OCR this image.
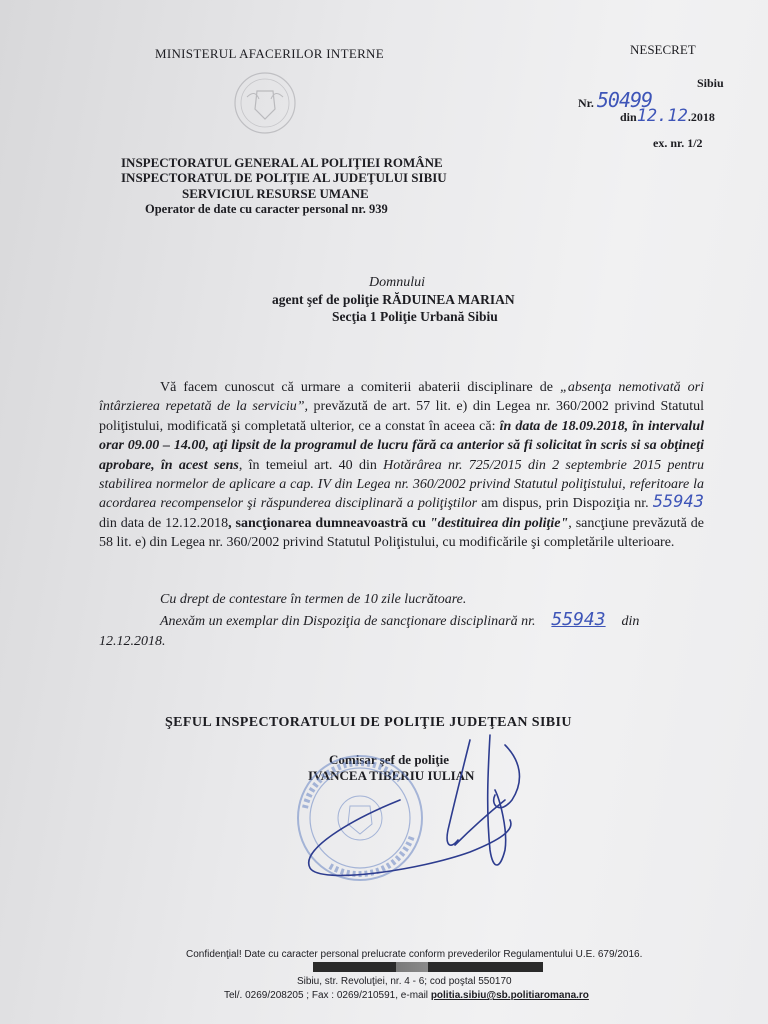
MINISTERUL AFACERILOR INTERNE	NESECRET
Sibiu
Nr. 50499
din12.12.2018
ex. nr. 1/2
INSPECTORATUL GENERAL AL POLIŢIEI ROMÂNE
INSPECTORATUL DE POLIŢIE AL JUDEŢULUI SIBIU
SERVICIUL RESURSE UMANE
Operator de date cu caracter personal nr. 939
Domnului
agent şef de poliţie RĂDUINEA MARIAN
Secţia 1 Poliţie Urbană Sibiu
Vă facem cunoscut că urmare a comiterii abaterii disciplinare de „absenţa nemotivată ori întârzierea repetată de la serviciu”, prevăzută de art. 57 lit. e) din Legea nr. 360/2002 privind Statutul poliţistului, modificată şi completată ulterior, ce a constat în aceea că: în data de 18.09.2018, în intervalul orar 09.00 – 14.00, aţi lipsit de la programul de lucru fără ca anterior să fi solicitat în scris si sa obţineţi aprobare, în acest sens, în temeiul art. 40 din Hotărârea nr. 725/2015 din 2 septembrie 2015 pentru stabilirea normelor de aplicare a cap. IV din Legea nr. 360/2002 privind Statutul poliţistului, referitoare la acordarea recompenselor şi răspunderea disciplinară a poliţiştilor am dispus, prin Dispoziţia nr. 55943 din data de 12.12.2018, sancţionarea dumneavoastră cu "destituirea din poliţie", sancţiune prevăzută de 58 lit. e) din Legea nr. 360/2002 privind Statutul Poliţistului, cu modificările şi completările ulterioare.
Cu drept de contestare în termen de 10 zile lucrătoare.
Anexăm un exemplar din Dispoziţia de sancţionare disciplinară nr. 55943 din 12.12.2018.
ŞEFUL INSPECTORATULUI DE POLIŢIE JUDEŢEAN SIBIU
Comisar şef de poliţie
IVANCEA TIBERIU IULIAN
Confidenţial! Date cu caracter personal prelucrate conform prevederilor Regulamentului U.E. 679/2016.
Sibiu, str. Revoluţiei, nr. 4 - 6; cod poştal 550170
Tel/. 0269/208205 ; Fax : 0269/210591, e-mail politia.sibiu@sb.politiaromana.ro
